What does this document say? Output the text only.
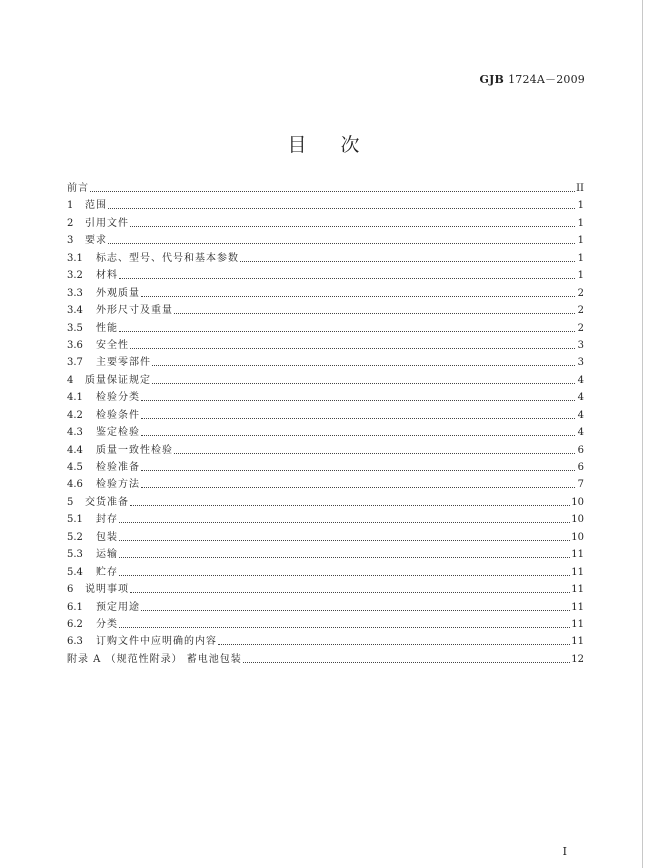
GJB 1724A－2009
目次
前言	II
1	范围	1
2	引用文件	1
3	要求	1
3.1	标志、型号、代号和基本参数	1
3.2	材料	1
3.3	外观质量	2
3.4	外形尺寸及重量	2
3.5	性能	2
3.6	安全性	3
3.7	主要零部件	3
4	质量保证规定	4
4.1	检验分类	4
4.2	检验条件	4
4.3	鉴定检验	4
4.4	质量一致性检验	6
4.5	检验准备	6
4.6	检验方法	7
5	交货准备	10
5.1	封存	10
5.2	包装	10
5.3	运输	11
5.4	贮存	11
6	说明事项	11
6.1	预定用途	11
6.2	分类	11
6.3	订购文件中应明确的内容	11
附录 A （规范性附录） 蓄电池包装	12
I
